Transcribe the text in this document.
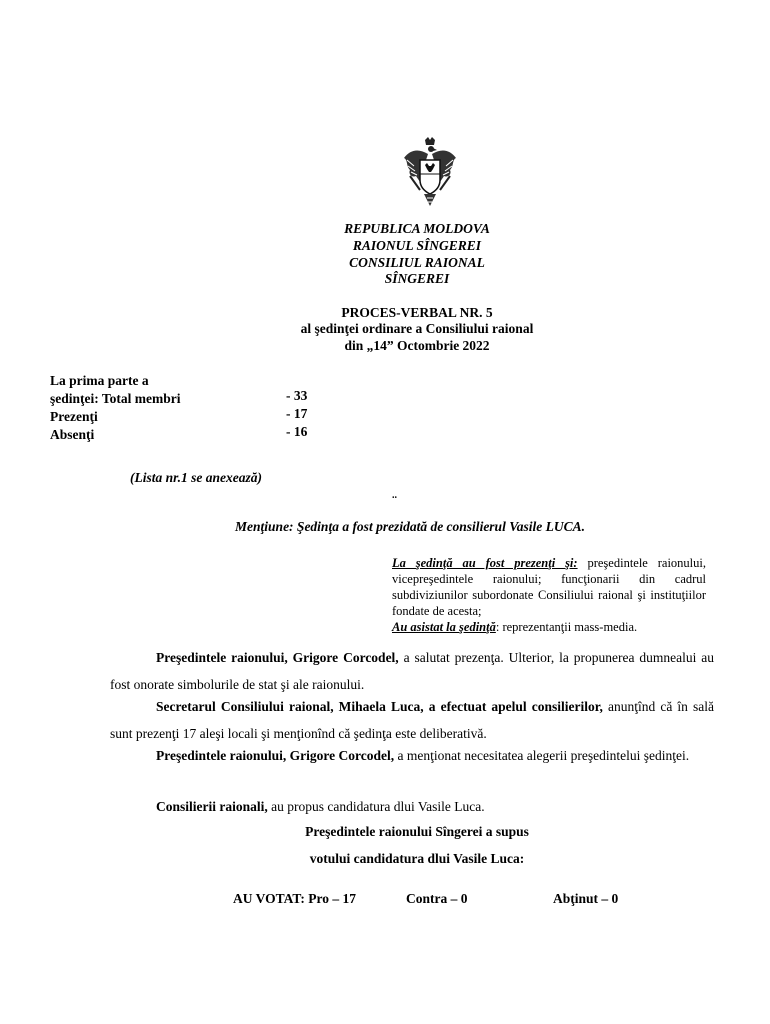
REPUBLICA MOLDOVA
RAIONUL SÎNGEREI
CONSILIUL RAIONAL
SÎNGEREI
PROCES-VERBAL NR. 5
al şedinţei ordinare a Consiliului raional
din „14” Octombrie 2022
La prima parte a
şedinţei: Total membri
Prezenţi
Absenţi
- 33
- 17
- 16
(Lista nr.1 se anexează)
..
Menţiune: Şedinţa a fost prezidată de consilierul Vasile LUCA.
La şedinţă au fost prezenţi şi: preşedintele raionului, vicepreşedintele raionului; funcţionarii din cadrul subdiviziunilor subordonate Consiliului raional şi instituţiilor fondate de acesta;
Au asistat la şedinţă: reprezentanţii mass-media.
Preşedintele raionului, Grigore Corcodel, a salutat prezenţa. Ulterior, la propunerea dumnealui au fost onorate simbolurile de stat şi ale raionului.
Secretarul Consiliului raional, Mihaela Luca, a efectuat apelul consilierilor, anunţînd că în sală sunt prezenţi 17 aleşi locali şi menţionînd că şedinţa este deliberativă.
Preşedintele raionului, Grigore Corcodel, a menţionat necesitatea alegerii preşedintelui şedinţei.
Consilierii raionali, au propus candidatura dlui Vasile Luca.
Preşedintele raionului Sîngerei a supus
votului candidatura dlui Vasile Luca:
AU VOTAT: Pro – 17	Contra – 0	Abţinut – 0
